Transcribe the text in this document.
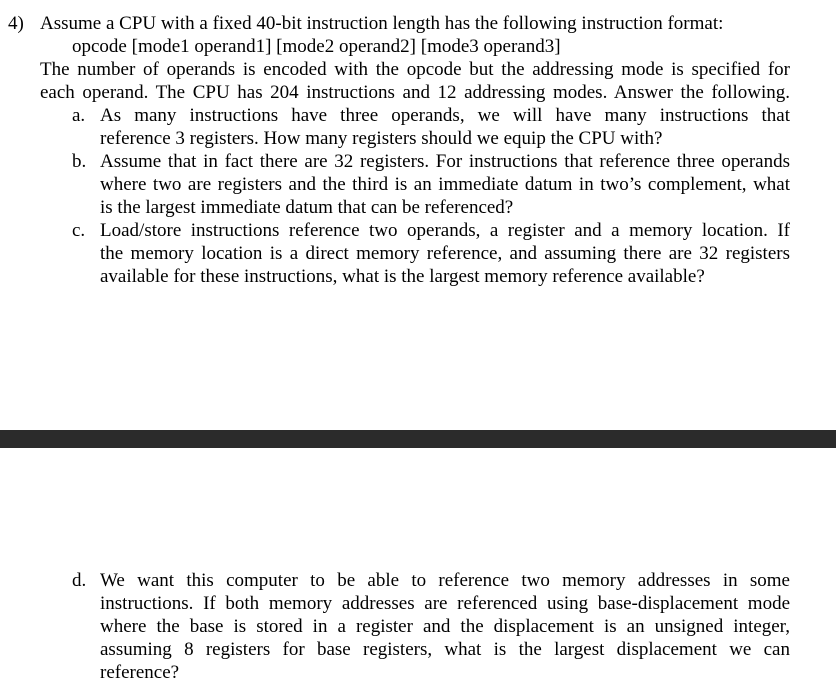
4) Assume a CPU with a fixed 40-bit instruction length has the following instruction format:
opcode [mode1 operand1] [mode2 operand2] [mode3 operand3]
The number of operands is encoded with the opcode but the addressing mode is specified for
each operand. The CPU has 204 instructions and 12 addressing modes. Answer the following.
a. As many instructions have three operands, we will have many instructions that
reference 3 registers. How many registers should we equip the CPU with?
b. Assume that in fact there are 32 registers. For instructions that reference three operands
where two are registers and the third is an immediate datum in two’s complement, what
is the largest immediate datum that can be referenced?
c. Load/store instructions reference two operands, a register and a memory location. If
the memory location is a direct memory reference, and assuming there are 32 registers
available for these instructions, what is the largest memory reference available?
d. We want this computer to be able to reference two memory addresses in some
instructions. If both memory addresses are referenced using base-displacement mode
where the base is stored in a register and the displacement is an unsigned integer,
assuming 8 registers for base registers, what is the largest displacement we can
reference?
